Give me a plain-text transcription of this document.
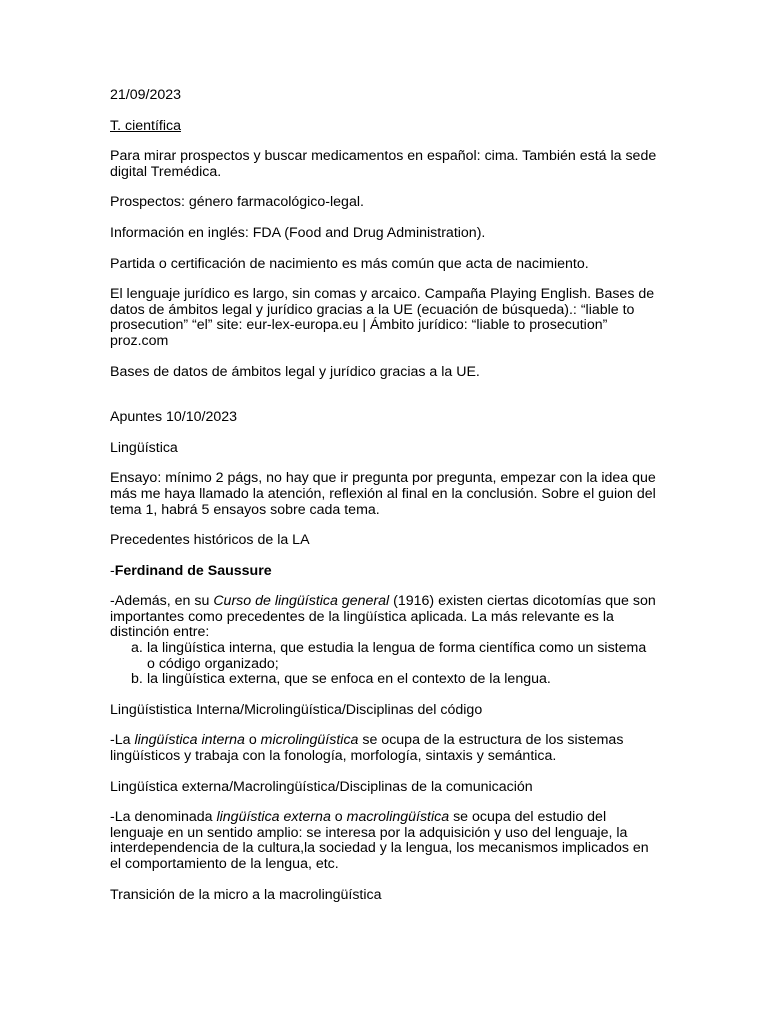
21/09/2023

T. científica

Para mirar prospectos y buscar medicamentos en español: cima. También está la sede digital Tremédica.

Prospectos: género farmacológico-legal.

Información en inglés: FDA (Food and Drug Administration).

Partida o certificación de nacimiento es más común que acta de nacimiento.

El lenguaje jurídico es largo, sin comas y arcaico. Campaña Playing English. Bases de datos de ámbitos legal y jurídico gracias a la UE (ecuación de búsqueda).: “liable to prosecution” “el” site: eur-lex-europa.eu | Ámbito jurídico: “liable to prosecution” proz.com

Bases de datos de ámbitos legal y jurídico gracias a la UE.

Apuntes 10/10/2023

Lingüística

Ensayo: mínimo 2 págs, no hay que ir pregunta por pregunta, empezar con la idea que más me haya llamado la atención, reflexión al final en la conclusión. Sobre el guion del tema 1, habrá 5 ensayos sobre cada tema.

Precedentes históricos de la LA

-Ferdinand de Saussure

-Además, en su Curso de lingüística general (1916) existen ciertas dicotomías que son importantes como precedentes de la lingüística aplicada. La más relevante es la distinción entre:

a. la lingüística interna, que estudia la lengua de forma científica como un sistema o código organizado;
b. la lingüística externa, que se enfoca en el contexto de la lengua.

Lingüístistica Interna/Microlingüística/Disciplinas del código

-La lingüística interna o microlingüística se ocupa de la estructura de los sistemas lingüísticos y trabaja con la fonología, morfología, sintaxis y semántica.

Lingüística externa/Macrolingüística/Disciplinas de la comunicación

-La denominada lingüística externa o macrolingüística se ocupa del estudio del lenguaje en un sentido amplio: se interesa por la adquisición y uso del lenguaje, la interdependencia de la cultura,la sociedad y la lengua, los mecanismos implicados en el comportamiento de la lengua, etc.

Transición de la micro a la macrolingüística
